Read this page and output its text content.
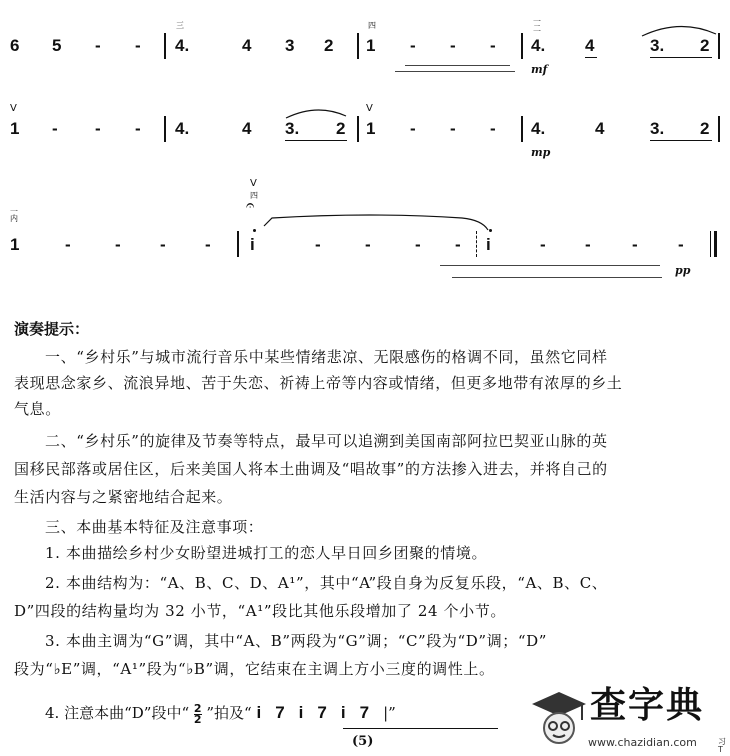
6 5 - -
三
4.	4 3 2
四
1 - - -
一二
4.
mf
4	3. 2
V
1 - - - 4.	4 3. 2
V
1 - - - 4.
mp
4	3. 2
一内
1	-	- - -
V
四
𝄐
i	-	-	- - i	- - - -
pp
演奏提示：
一、“乡村乐”与城市流行音乐中某些情绪悲凉、无限感伤的格调不同，虽然它同样
表现思念家乡、流浪异地、苦于失恋、祈祷上帝等内容或情绪，但更多地带有浓厚的乡土
气息。
二、“乡村乐”的旋律及节奏等特点，最早可以追溯到美国南部阿拉巴契亚山脉的英
国移民部落或居住区，后来美国人将本土曲调及“唱故事”的方法掺入进去，并将自己的
生活内容与之紧密地结合起来。
三、本曲基本特征及注意事项：
1. 本曲描绘乡村少女盼望进城打工的恋人早日回乡团聚的情境。
2. 本曲结构为：“A、B、C、D、A¹”，其中“A”段自身为反复乐段，“A、B、C、
D”四段的结构量均为 32 小节，“A¹”段比其他乐段增加了 24 个小节。
3. 本曲主调为“G”调，其中“A、B”两段为“G”调；“C”段为“D”调；“D”
段为“♭E”调，“A¹”段为“♭B”调，它结束在主调上方小三度的调性上。
4. 注意本曲“D”段中“ $\frac{2}{2}$ ”拍及“ i7i7i7|”
(5)
查字典
www.chazidian.com	习T
